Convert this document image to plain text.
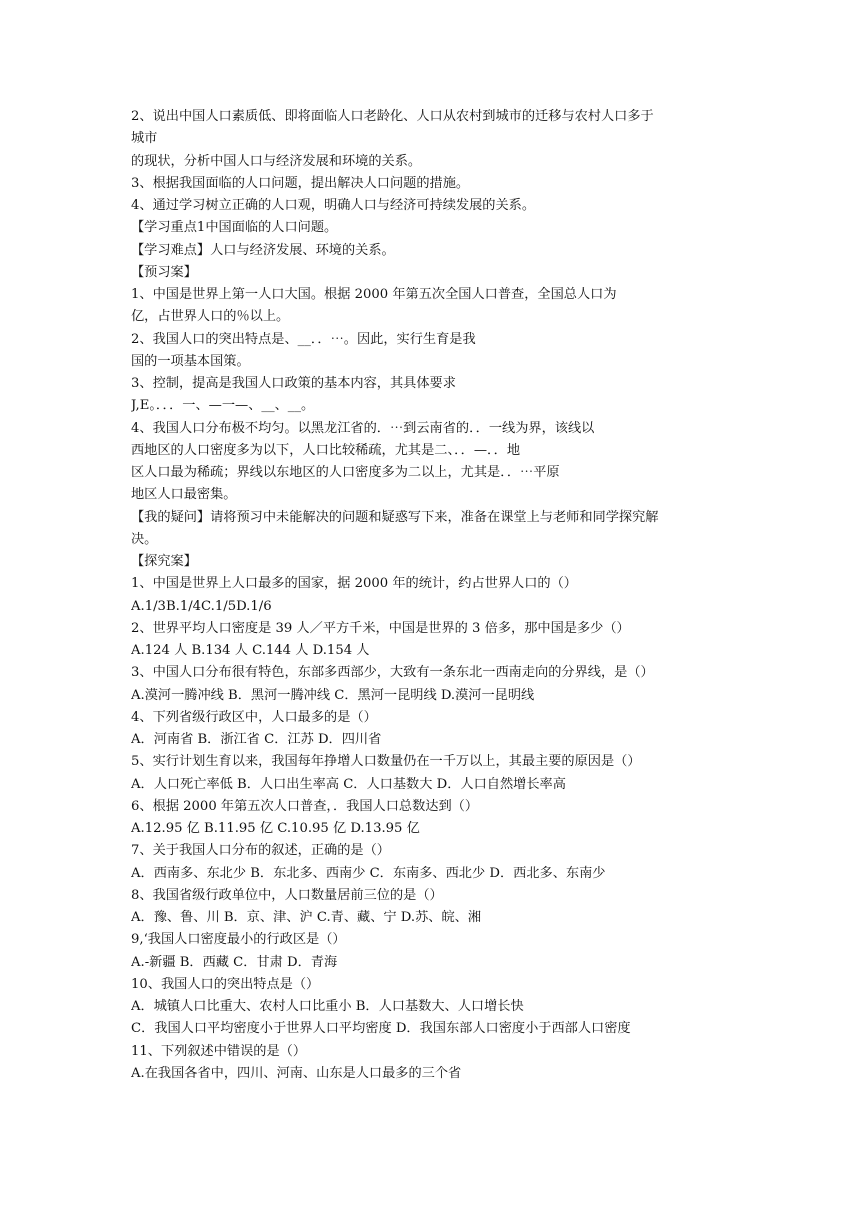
2、说出中国人口素质低、即将面临人口老龄化、人口从农村到城市的迁移与农村人口多于
城市
的现状，分析中国人口与经济发展和环境的关系。
3、根据我国面临的人口问题，提出解决人口问题的措施。
4、通过学习树立正确的人口观，明确人口与经济可持续发展的关系。
【学习重点1中国面临的人口问题。
【学习难点】人口与经济发展、环境的关系。
【预习案】
1、中国是世界上第一人口大国。根据 2000 年第五次全国人口普查，全国总人口为
亿，占世界人口的％以上。
2、我国人口的突出特点是、__．．⋯。因此，实行生育是我
国的一项基本国策。
3、控制，提高是我国人口政策的基本内容，其具体要求
J,E。．．．一、—一—、__、__。
4、我国人口分布极不均匀。以黑龙江省的．⋯到云南省的．．一线为界，该线以
西地区的人口密度多为以下，人口比较稀疏，尤其是二、．．—．．地
区人口最为稀疏；界线以东地区的人口密度多为二以上，尤其是．．⋯平原
地区人口最密集。
【我的疑问】请将预习中未能解决的问题和疑惑写下来，准备在课堂上与老师和同学探究解
决。
【探究案】
1、中国是世界上人口最多的国家，据 2000 年的统计，约占世界人口的（）
A.1/3B.1/4C.1/5D.1/6
2、世界平均人口密度是 39 人／平方千米，中国是世界的 3 倍多，那中国是多少（）
A.124 人 B.134 人 C.144 人 D.154 人
3、中国人口分布很有特色，东部多西部少，大致有一条东北一西南走向的分界线，是（）
A.漠河一腾冲线 B．黑河一腾冲线 C．黑河一昆明线 D.漠河一昆明线
4、下列省级行政区中，人口最多的是（）
A．河南省 B．浙江省 C．江苏 D．四川省
5、实行计划生育以来，我国每年挣增人口数量仍在一千万以上，其最主要的原因是（）
A．人口死亡率低 B．人口出生率高 C．人口基数大 D．人口自然增长率高
6、根据 2000 年第五次人口普查，．我国人口总数达到（）
A.12.95 亿 B.11.95 亿 C.10.95 亿 D.13.95 亿
7、关于我国人口分布的叙述，正确的是（）
A．西南多、东北少 B．东北多、西南少 C．东南多、西北少 D．西北多、东南少
8、我国省级行政单位中，人口数量居前三位的是（）
A．豫、鲁、川 B．京、津、沪 C.青、藏、宁 D.苏、皖、湘
9,‘我国人口密度最小的行政区是（）
A.-新疆 B．西藏 C．甘肃 D．青海
10、我国人口的突出特点是（）
A．城镇人口比重大、农村人口比重小 B．人口基数大、人口增长快
C．我国人口平均密度小于世界人口平均密度 D．我国东部人口密度小于西部人口密度
11、下列叙述中错误的是（）
A.在我国各省中，四川、河南、山东是人口最多的三个省
